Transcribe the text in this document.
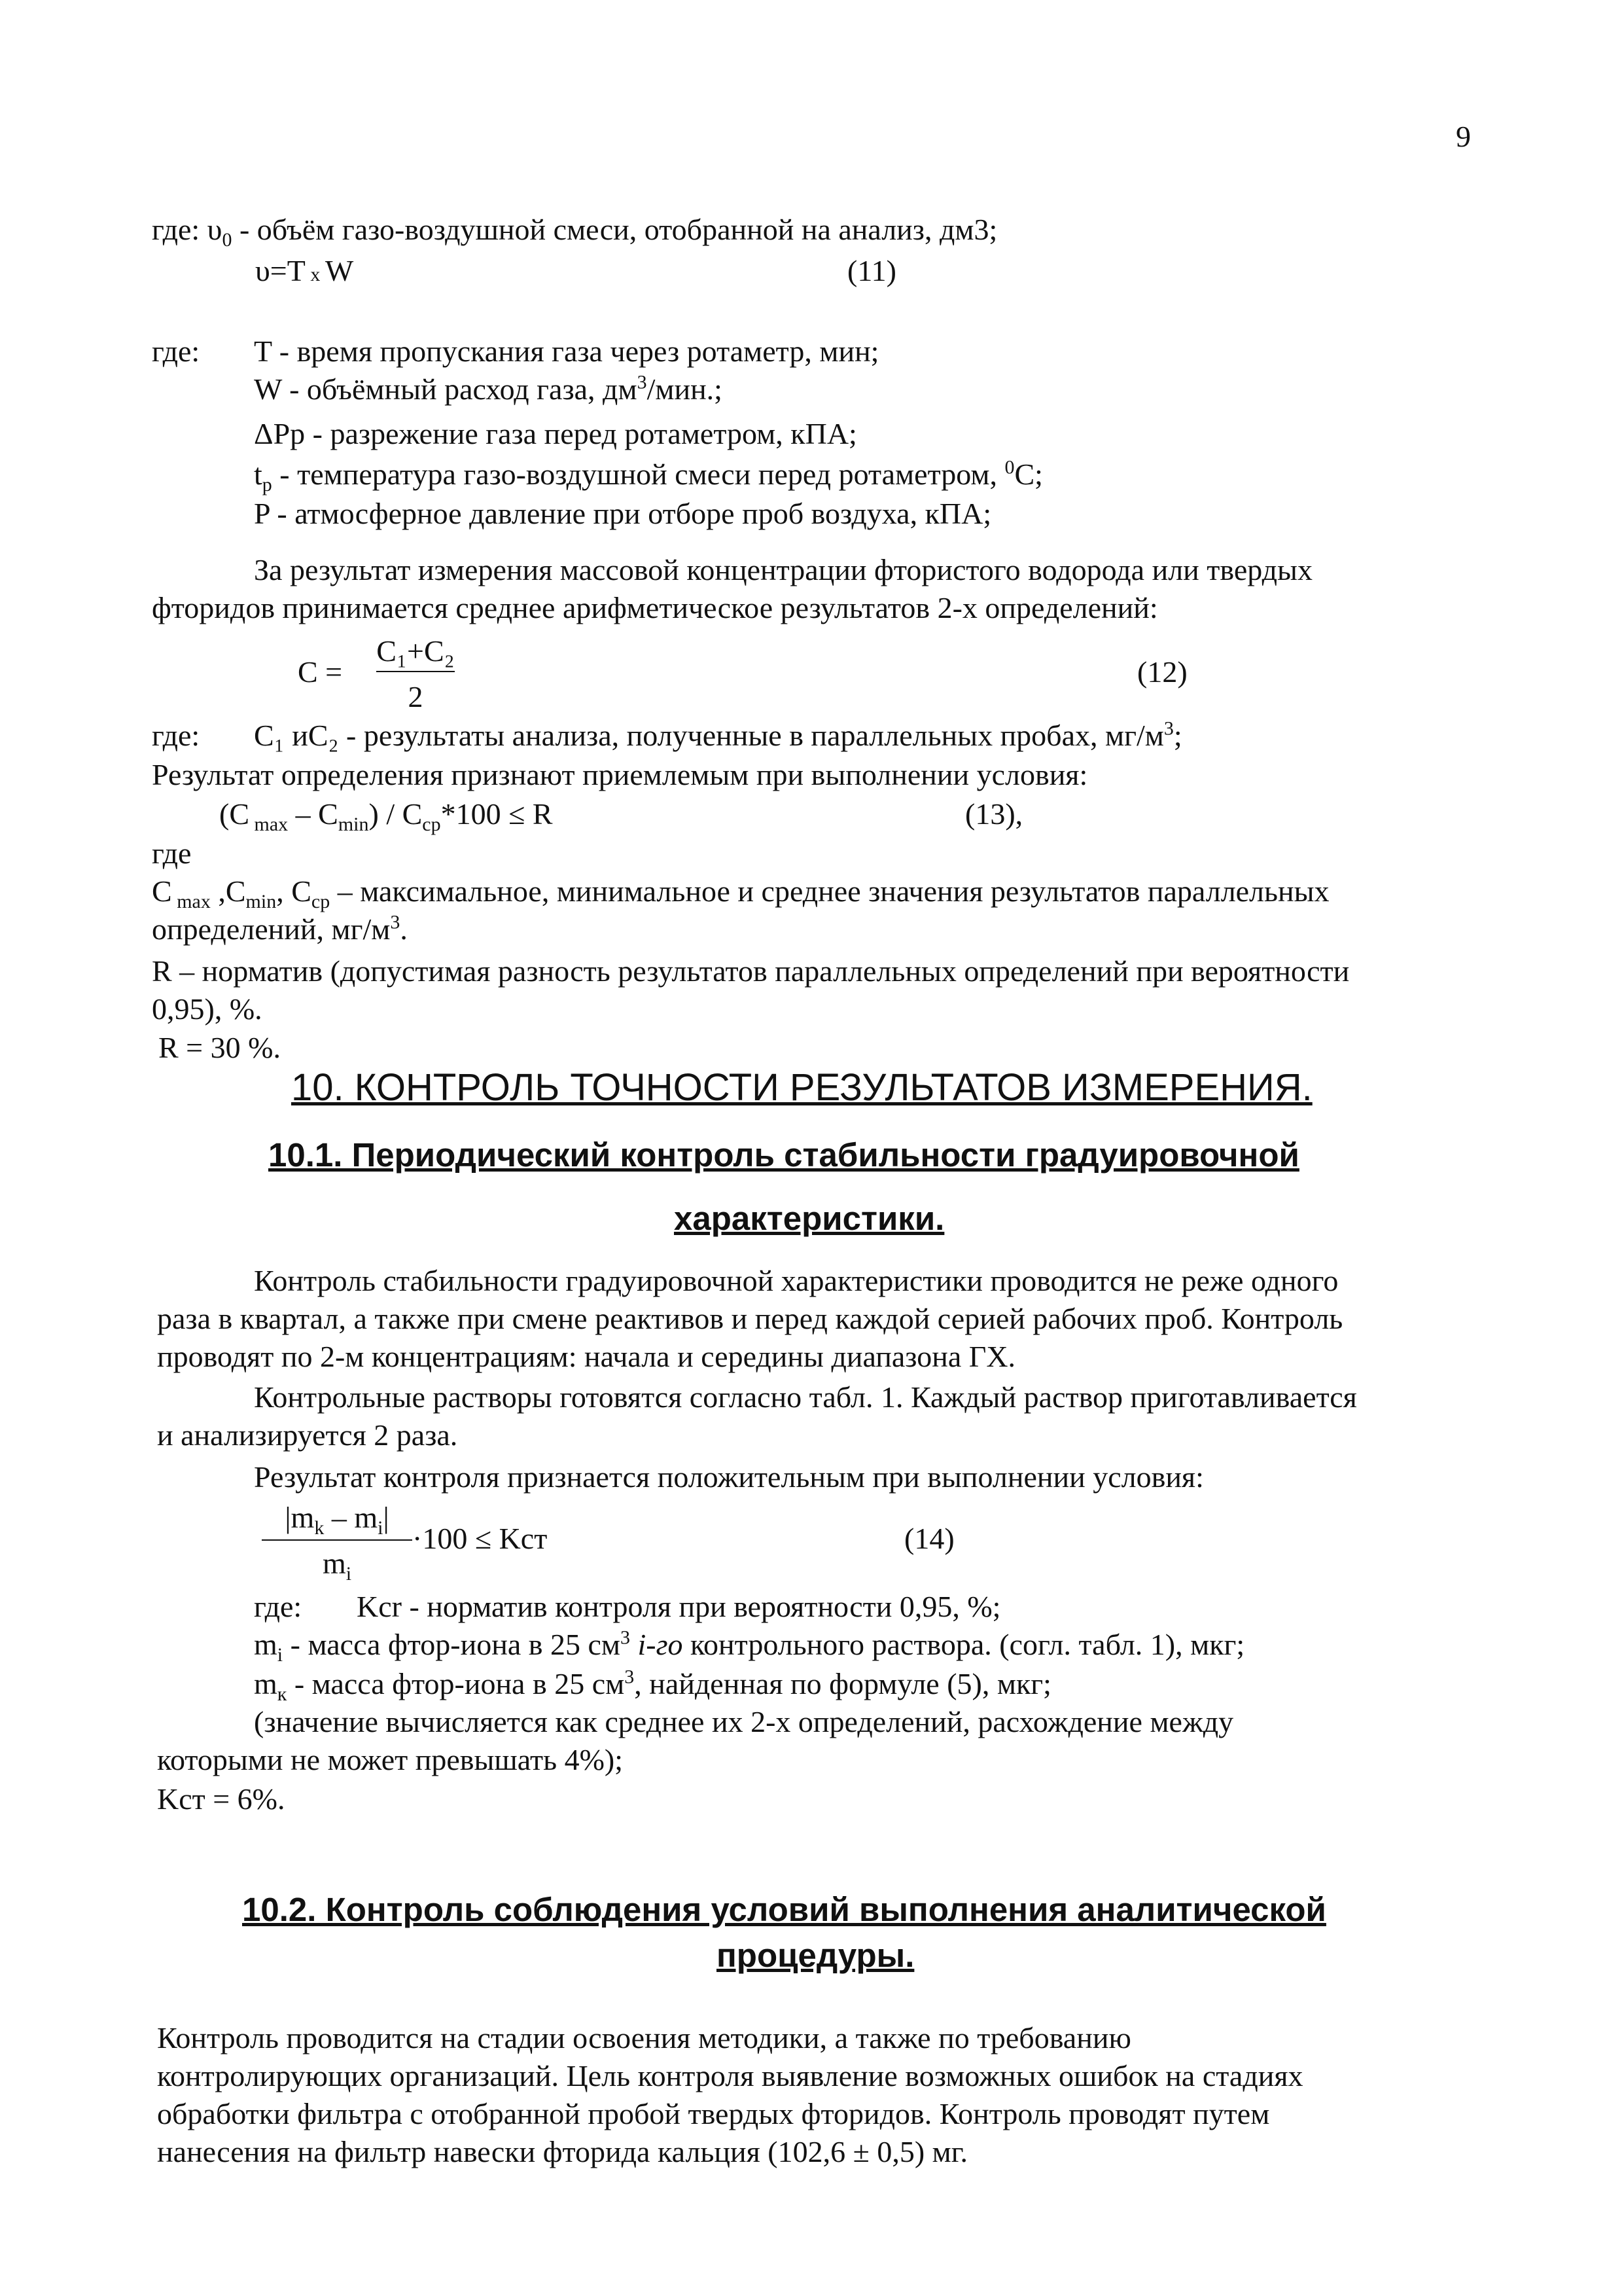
9
где: $\upsilon_0$ - объём газо-воздушной смеси, отобранной на анализ, дм3;
υ=T x W	(11)
где: T - время пропускания газа через ротаметр, мин;
W - объёмный расход газа, $дм^3$/мин.;
ΔPp - разрежение газа перед ротаметром, кПА;
$t_р$ - температура газо-воздушной смеси перед ротаметром, $^0$С;
P - атмосферное давление при отборе проб воздуха, кПА;
За результат измерения массовой концентрации фтористого водорода или твердых
фторидов принимается среднее арифметическое результатов 2-х определений:
C =
C₁+C₂
2
(12)
где: C₁ иC₂ - результаты анализа, полученные в параллельных пробах, $мг/м^3$;
Результат определения признают приемлемым при выполнении условия:
(C $_{max} - C_{min}) / C_{ср}*100 \le R$	(13),
где
C $_{max}$ $,C_{min}$, $C_{ср}$ – максимальное, минимальное и среднее значения результатов параллельных
определений, $мг/м^3$.
R – норматив (допустимая разность результатов параллельных определений при вероятности
0,95), %.
R = 30 %.
10. КОНТРОЛЬ ТОЧНОСТИ РЕЗУЛЬТАТОВ ИЗМЕРЕНИЯ.
10.1. Периодический контроль стабильности градуировочной
характеристики.
Контроль стабильности градуировочной характеристики проводится не реже одного
раза в квартал, а также при смене реактивов и перед каждой серией рабочих проб. Контроль
проводят по 2-м концентрациям: начала и середины диапазона ГХ.
Контрольные растворы готовятся согласно табл. 1. Каждый раствор приготавливается
и анализируется 2 раза.
Результат контроля признается положительным при выполнении условия:
$|m_k - m_i|$
$m_i$
·100 ≤ Kст	(14)
где: Kcr - норматив контроля при вероятности 0,95, %;
$m_i$ - масса фтор-иона в 25 $см^3$ i-го контрольного раствора. (согл. табл. 1), мкг;
$m_к$ - масса фтор-иона в 25 $см^3$, найденная по формуле (5), мкг;
(значение вычисляется как среднее их 2-х определений, расхождение между
которыми не может превышать 4%);
Kст = 6%.
10.2. Контроль соблюдения условий выполнения аналитической
процедуры.
Контроль проводится на стадии освоения методики, а также по требованию
контролирующих организаций. Цель контроля выявление возможных ошибок на стадиях
обработки фильтра с отобранной пробой твердых фторидов. Контроль проводят путем
нанесения на фильтр навески фторида кальция (102,6 ± 0,5) мг.
